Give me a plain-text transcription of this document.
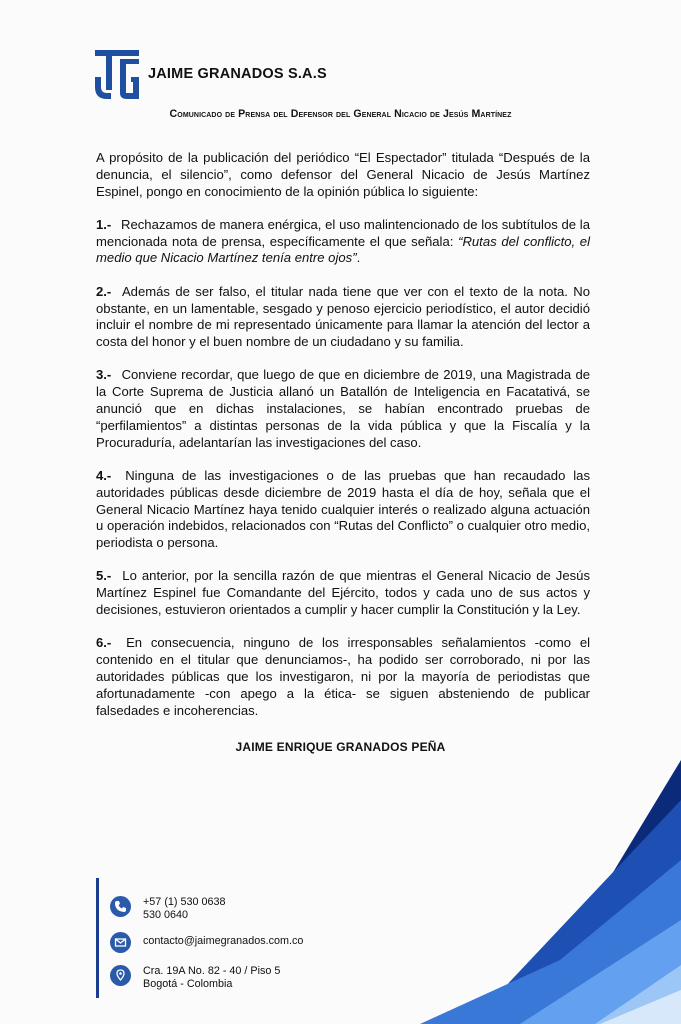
JAIME GRANADOS S.A.S
Comunicado de Prensa del Defensor del General Nicacio de Jesús Martínez

A propósito de la publicación del periódico “El Espectador” titulada “Después de la denuncia, el silencio”, como defensor del General Nicacio de Jesús Martínez Espinel, pongo en conocimiento de la opinión pública lo siguiente:

1.- Rechazamos de manera enérgica, el uso malintencionado de los subtítulos de la mencionada nota de prensa, específicamente el que señala: “Rutas del conflicto, el medio que Nicacio Martínez tenía entre ojos”.

2.- Además de ser falso, el titular nada tiene que ver con el texto de la nota. No obstante, en un lamentable, sesgado y penoso ejercicio periodístico, el autor decidió incluir el nombre de mi representado únicamente para llamar la atención del lector a costa del honor y el buen nombre de un ciudadano y su familia.

3.- Conviene recordar, que luego de que en diciembre de 2019, una Magistrada de la Corte Suprema de Justicia allanó un Batallón de Inteligencia en Facatativá, se anunció que en dichas instalaciones, se habían encontrado pruebas de “perfilamientos” a distintas personas de la vida pública y que la Fiscalía y la Procuraduría, adelantarían las investigaciones del caso.

4.- Ninguna de las investigaciones o de las pruebas que han recaudado las autoridades públicas desde diciembre de 2019 hasta el día de hoy, señala que el General Nicacio Martínez haya tenido cualquier interés o realizado alguna actuación u operación indebidos, relacionados con “Rutas del Conflicto” o cualquier otro medio, periodista o persona.

5.- Lo anterior, por la sencilla razón de que mientras el General Nicacio de Jesús Martínez Espinel fue Comandante del Ejército, todos y cada uno de sus actos y decisiones, estuvieron orientados a cumplir y hacer cumplir la Constitución y la Ley.

6.- En consecuencia, ninguno de los irresponsables señalamientos -como el contenido en el titular que denunciamos-, ha podido ser corroborado, ni por las autoridades públicas que los investigaron, ni por la mayoría de periodistas que afortunadamente -con apego a la ética- se siguen absteniendo de publicar falsedades e incoherencias.

JAIME ENRIQUE GRANADOS PEÑA
+57 (1) 530 0638
530 0640
contacto@jaimegranados.com.co
Cra. 19A No. 82 - 40 / Piso 5
Bogotá - Colombia
